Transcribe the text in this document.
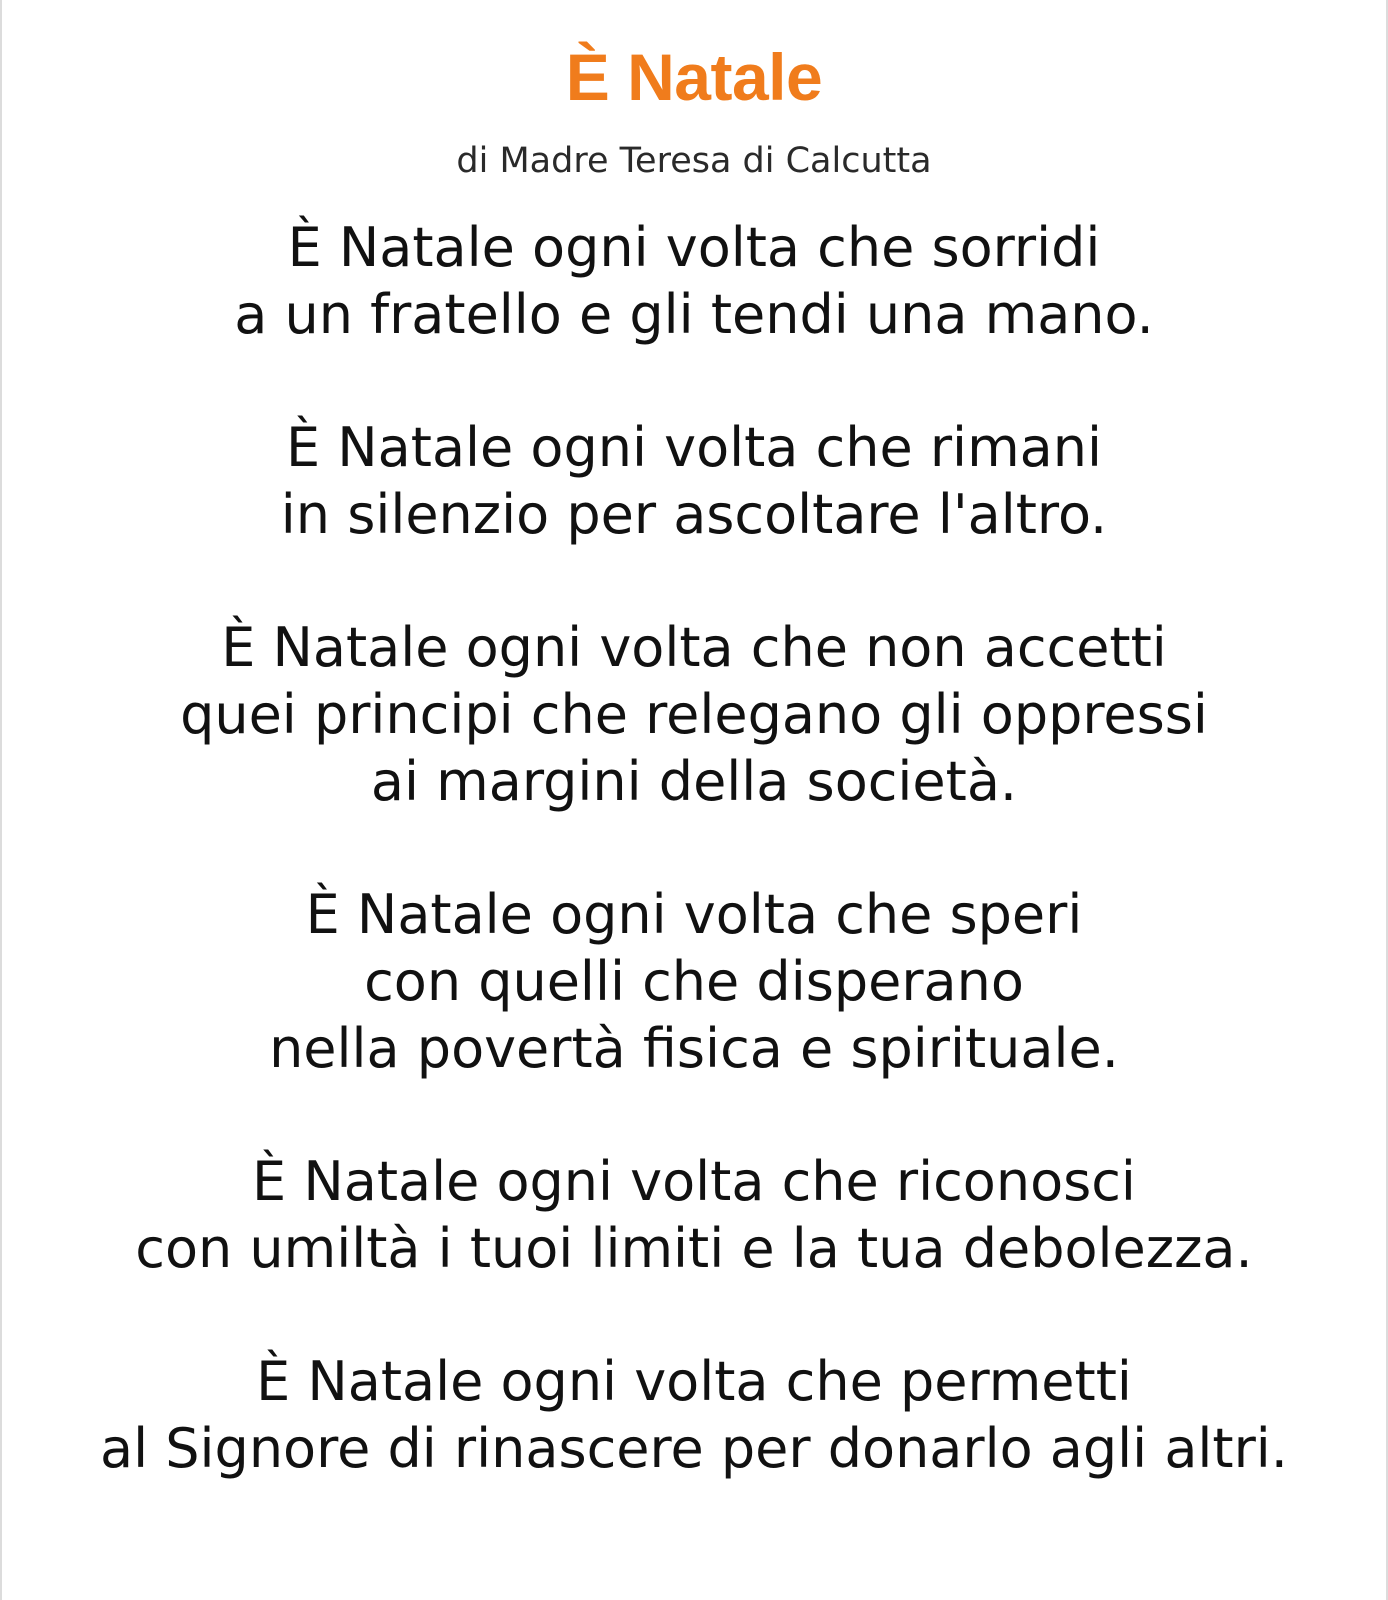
È Natale
di Madre Teresa di Calcutta
È Natale ogni volta che sorridi
a un fratello e gli tendi una mano.
È Natale ogni volta che rimani
in silenzio per ascoltare l'altro.
È Natale ogni volta che non accetti
quei principi che relegano gli oppressi
ai margini della società.
È Natale ogni volta che speri
con quelli che disperano
nella povertà fisica e spirituale.
È Natale ogni volta che riconosci
con umiltà i tuoi limiti e la tua debolezza.
È Natale ogni volta che permetti
al Signore di rinascere per donarlo agli altri.
